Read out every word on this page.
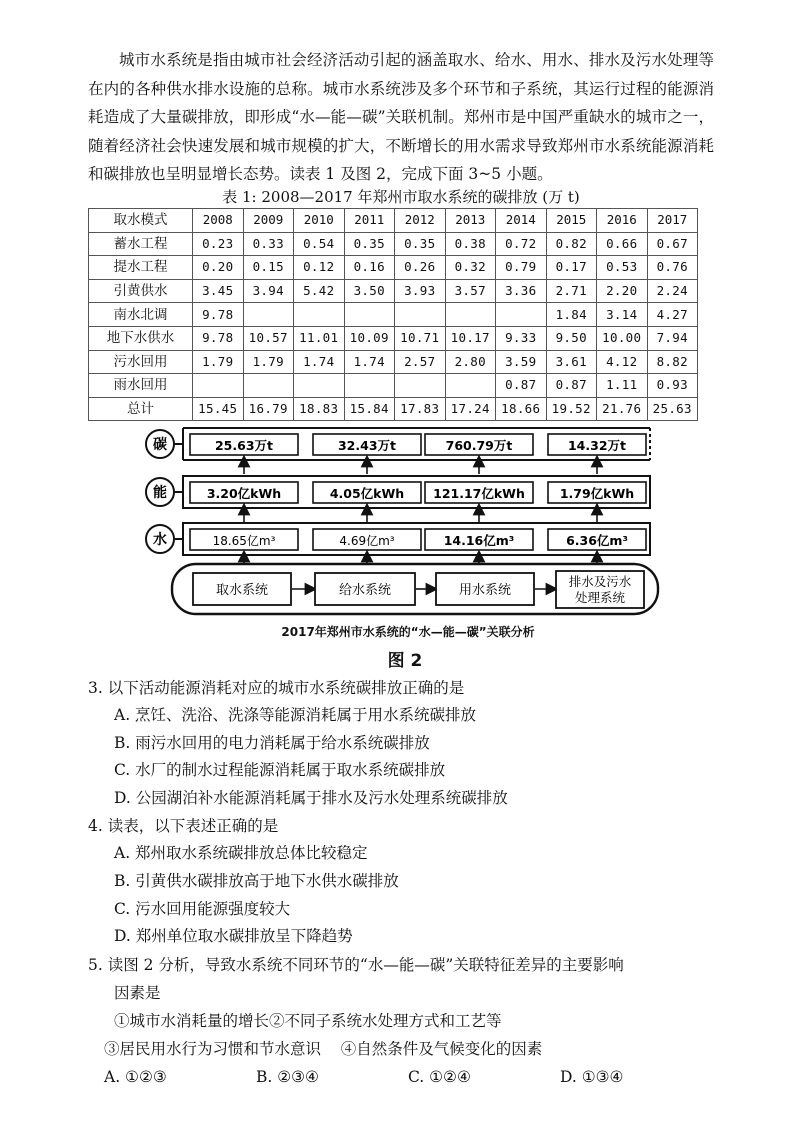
城市水系统是指由城市社会经济活动引起的涵盖取水、给水、用水、排水及污水处理等在内的各种供水排水设施的总称。城市水系统涉及多个环节和子系统，其运行过程的能源消耗造成了大量碳排放，即形成“水—能—碳”关联机制。郑州市是中国严重缺水的城市之一，随着经济社会快速发展和城市规模的扩大，不断增长的用水需求导致郑州市水系统能源消耗和碳排放也呈明显增长态势。读表 1 及图 2，完成下面 3~5 小题。

表 1: 2008—2017 年郑州市取水系统的碳排放 (万 t)
取水模式	2008	2009	2010	2011	2012	2013	2014	2015	2016	2017
蓄水工程	0.23	0.33	0.54	0.35	0.35	0.38	0.72	0.82	0.66	0.67
提水工程	0.20	0.15	0.12	0.16	0.26	0.32	0.79	0.17	0.53	0.76
引黄供水	3.45	3.94	5.42	3.50	3.93	3.57	3.36	2.71	2.20	2.24
南水北调	9.78							1.84	3.14	4.27
地下水供水	9.78	10.57	11.01	10.09	10.71	10.17	9.33	9.50	10.00	7.94
污水回用	1.79	1.79	1.74	1.74	2.57	2.80	3.59	3.61	4.12	8.82
雨水回用							0.87	0.87	1.11	0.93
总计	15.45	16.79	18.83	15.84	17.83	17.24	18.66	19.52	21.76	25.63
碳	25.63万t	32.43万t	760.79万t	14.32万t
能	3.20亿kWh	4.05亿kWh 121.17亿kWh	1.79亿kWh
水	18.65亿m³	4.69亿m³	14.16亿m³	6.36亿m³
取水系统	给水系统	用水系统
排水及污水
处理系统
2017年郑州市水系统的“水—能—碳”关联分析
图 2
3. 以下活动能源消耗对应的城市水系统碳排放正确的是
A. 烹饪、洗浴、洗涤等能源消耗属于用水系统碳排放
B. 雨污水回用的电力消耗属于给水系统碳排放
C. 水厂的制水过程能源消耗属于取水系统碳排放
D. 公园湖泊补水能源消耗属于排水及污水处理系统碳排放
4. 读表，以下表述正确的是
A. 郑州取水系统碳排放总体比较稳定
B. 引黄供水碳排放高于地下水供水碳排放
C. 污水回用能源强度较大
D. 郑州单位取水碳排放呈下降趋势
5. 读图 2 分析，导致水系统不同环节的“水—能—碳”关联特征差异的主要影响
因素是
①城市水消耗量的增长②不同子系统水处理方式和工艺等
③居民用水行为习惯和节水意识    ④自然条件及气候变化的因素
A. ①②③	B. ②③④	C. ①②④	D. ①③④
